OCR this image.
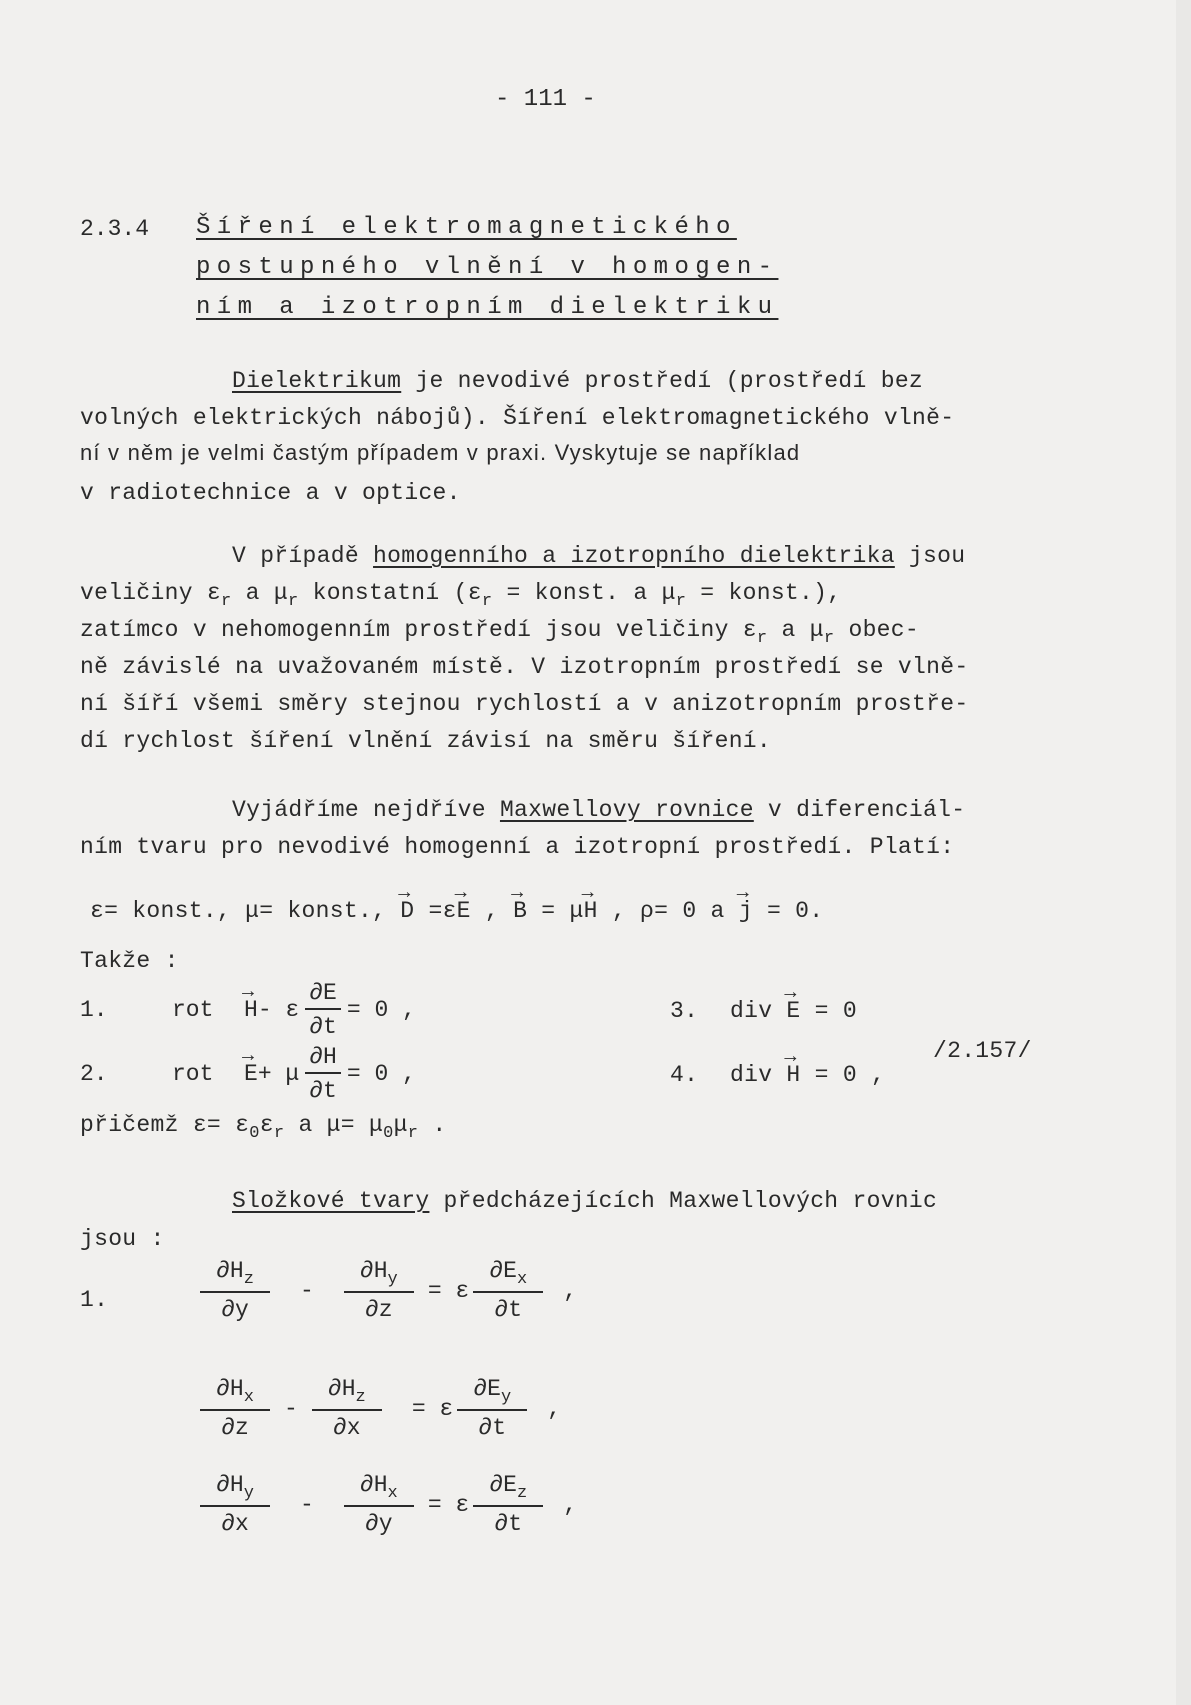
- 111 -
2.3.4 Šíření elektromagnetického
postupného vlnění v homogen-
ním a izotropním dielektriku
Dielektrikum je nevodivé prostředí (prostředí bez
volných elektrických nábojů). Šíření elektromagnetického vlně-
ní v něm je velmi častým případem v praxi. Vyskytuje se například
v radiotechnice a v optice.
V případě homogenního a izotropního dielektrika jsou
veličiny $\varepsilon_r$ a $\mu_r$ konstatní ($\varepsilon_r$ = konst. a $\mu_r$ = konst.),
zatímco v nehomogenním prostředí jsou veličiny $\varepsilon_r$ a $\mu_r$ obec-
ně závislé na uvažovaném místě. V izotropním prostředí se vlně-
ní šíří všemi směry stejnou rychlostí a v anizotropním prostře-
dí rychlost šíření vlnění závisí na směru šíření.
Vyjádříme nejdříve Maxwellovy rovnice v diferenciál-
ním tvaru pro nevodivé homogenní a izotropní prostředí. Platí:
ε= konst., μ= konst., → D =ε→ E , → B = μ→ H , ρ= 0 a → j = 0.
Takže :
1.	rot	→ H - ε $\frac{\partial E}{\partial t} = 0$ ,
2.	rot	→ E + μ $\frac{\partial H}{\partial t} = 0$ ,
3. div → E = 0
4. div → H = 0 ,
/2.157/
přičemž $\varepsilon= \varepsilon_0\varepsilon_r$ a $\mu= \mu_0\mu_r$ .
Složkové tvary předcházejících Maxwellových rovnic
jsou :
1.	$\frac{\partial H_z}{\partial y} - \frac{\partial H_y}{\partial z} = \varepsilon \frac{\partial E_x}{\partial t}$ ,
$\frac{\partial H_x}{\partial z} - \frac{\partial H_z}{\partial x} = \varepsilon \frac{\partial E_y}{\partial t}$ ,
$\frac{\partial H_y}{\partial x} - \frac{\partial H_x}{\partial y} = \varepsilon \frac{\partial E_z}{\partial t}$ ,
